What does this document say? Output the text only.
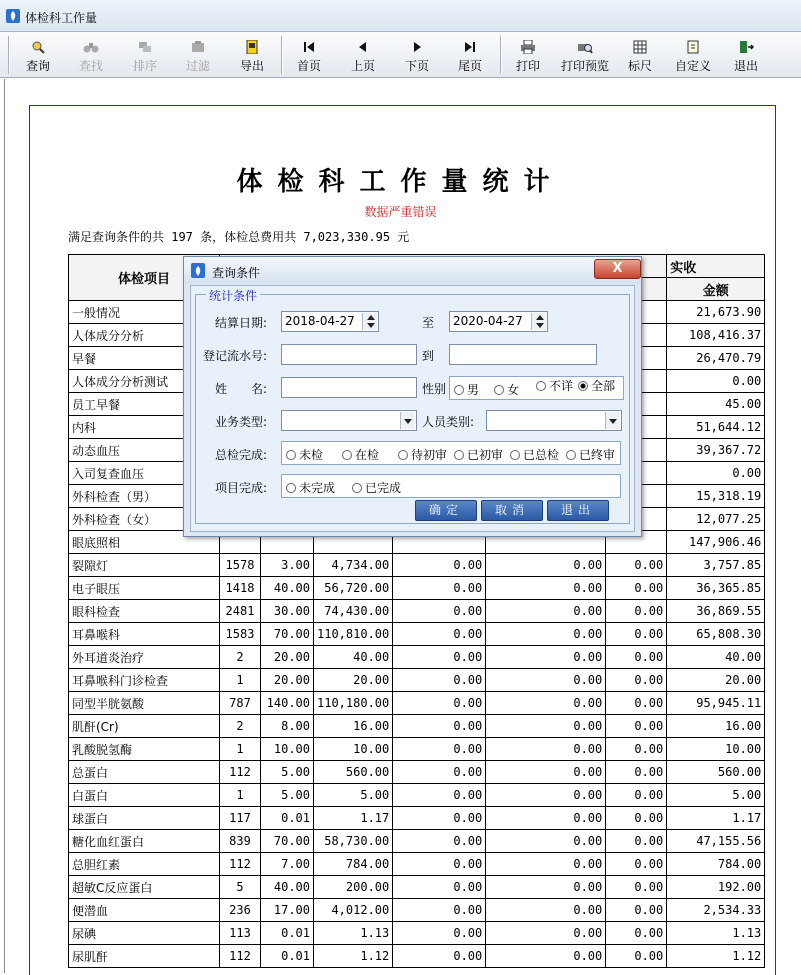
体检科工作量
查询	查找	排序	过滤	导出	首页	上页	下页	尾页	打印	打印预览	标尺	自定义	退出
体检科工作量统计
数据严重错误
满足查询条件的共 197 条，体检总费用共 7,023,330.95 元
体检项目							实收
							金额
一般情况							21,673.90
人体成分分析							108,416.37
早餐							26,470.79
人体成分分析测试							0.00
员工早餐							45.00
内科							51,644.12
动态血压							39,367.72
入司复查血压							0.00
外科检查（男）							15,318.19
外科检查（女）							12,077.25
眼底照相							147,906.46
裂隙灯	1578	3.00	4,734.00	0.00	0.00	0.00	3,757.85
电子眼压	1418	40.00	56,720.00	0.00	0.00	0.00	36,365.85
眼科检查	2481	30.00	74,430.00	0.00	0.00	0.00	36,869.55
耳鼻喉科	1583	70.00	110,810.00	0.00	0.00	0.00	65,808.30
外耳道炎治疗	2	20.00	40.00	0.00	0.00	0.00	40.00
耳鼻喉科门诊检查	1	20.00	20.00	0.00	0.00	0.00	20.00
同型半胱氨酸	787	140.00	110,180.00	0.00	0.00	0.00	95,945.11
肌酐(Cr)	2	8.00	16.00	0.00	0.00	0.00	16.00
乳酸脱氢酶	1	10.00	10.00	0.00	0.00	0.00	10.00
总蛋白	112	5.00	560.00	0.00	0.00	0.00	560.00
白蛋白	1	5.00	5.00	0.00	0.00	0.00	5.00
球蛋白	117	0.01	1.17	0.00	0.00	0.00	1.17
糖化血红蛋白	839	70.00	58,730.00	0.00	0.00	0.00	47,155.56
总胆红素	112	7.00	784.00	0.00	0.00	0.00	784.00
超敏C反应蛋白	5	40.00	200.00	0.00	0.00	0.00	192.00
便潜血	236	17.00	4,012.00	0.00	0.00	0.00	2,534.33
尿碘	113	0.01	1.13	0.00	0.00	0.00	1.13
尿肌酐	112	0.01	1.12	0.00	0.00	0.00	1.12
查询条件	X
统计条件
结算日期:	2018-04-27	至	2020-04-27
登记流水号:	到
姓　　名:	性别	男	女	不详	全部
业务类型:	人员类别:
总检完成:	未检	在检	待初审	已初审	已总检	已终审
项目完成:	未完成	已完成
确定	取消	退出
